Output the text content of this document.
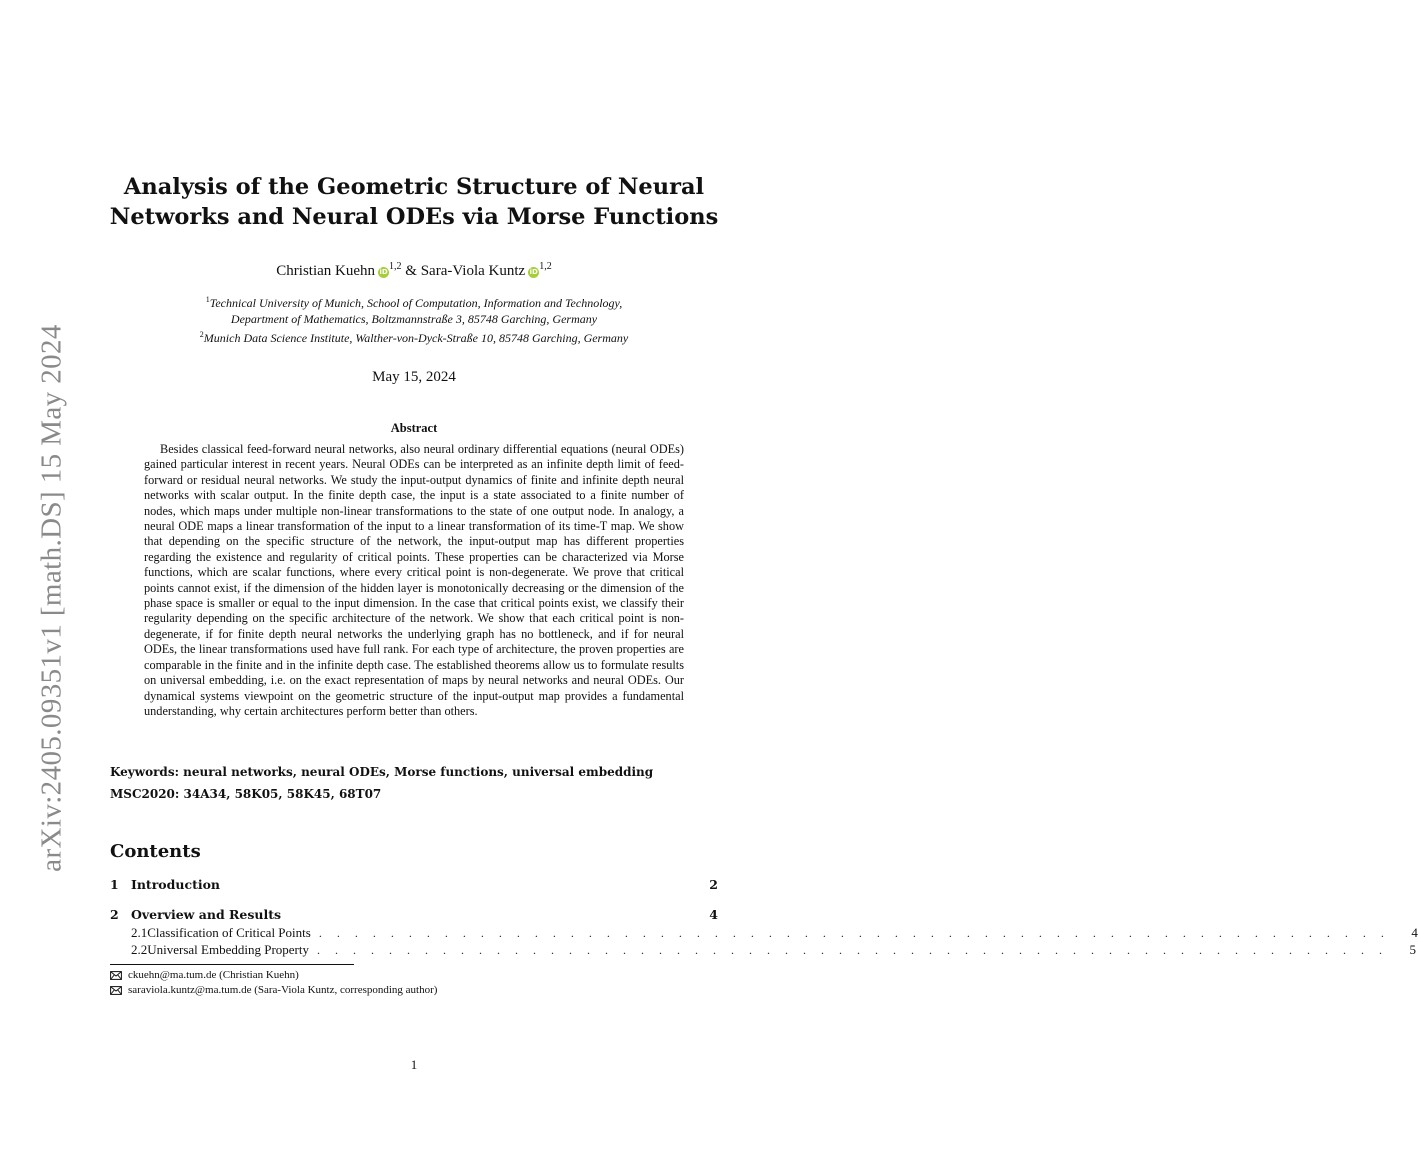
arXiv:2405.09351v1 [math.DS] 15 May 2024
Analysis of the Geometric Structure of Neural
Networks and Neural ODEs via Morse Functions
Christian Kuehn iD$^{1,2}$ & Sara-Viola Kuntz iD$^{1,2}$
$^1$Technical University of Munich, School of Computation, Information and Technology,
Department of Mathematics, Boltzmannstraße 3, 85748 Garching, Germany
$^2$Munich Data Science Institute, Walther-von-Dyck-Straße 10, 85748 Garching, Germany
May 15, 2024
Abstract

Besides classical feed-forward neural networks, also neural ordinary differential equations (neural ODEs) gained particular interest in recent years. Neural ODEs can be interpreted as an infinite depth limit of feed-forward or residual neural networks. We study the input-output dynamics of finite and infinite depth neural networks with scalar output. In the finite depth case, the input is a state associated to a finite number of nodes, which maps under multiple non-linear transformations to the state of one output node. In analogy, a neural ODE maps a linear transformation of the input to a linear transformation of its time-T map. We show that depending on the specific structure of the network, the input-output map has different properties regarding the existence and regularity of critical points. These properties can be characterized via Morse functions, which are scalar functions, where every critical point is non-degenerate. We prove that critical points cannot exist, if the dimension of the hidden layer is monotonically decreasing or the dimension of the phase space is smaller or equal to the input dimension. In the case that critical points exist, we classify their regularity depending on the specific architecture of the network. We show that each critical point is non-degenerate, if for finite depth neural networks the underlying graph has no bottleneck, and if for neural ODEs, the linear transformations used have full rank. For each type of architecture, the proven properties are comparable in the finite and in the infinite depth case. The established theorems allow us to formulate results on universal embedding, i.e. on the exact representation of maps by neural networks and neural ODEs. Our dynamical systems viewpoint on the geometric structure of the input-output map provides a fundamental understanding, why certain architectures perform better than others.

Keywords: neural networks, neural ODEs, Morse functions, universal embedding
MSC2020: 34A34, 58K05, 58K45, 68T07
Contents
1 Introduction	2
2 Overview and Results	4
2.1 Classification of Critical Points . . . . . . . . . . . . . . . . . . . . . . . . . . . . . . . . . . . . . . . . . . . . . . . . . . . . . . . . . . . .	4
2.2 Universal Embedding Property . . . . . . . . . . . . . . . . . . . . . . . . . . . . . . . . . . . . . . . . . . . . . . . . . . . . . . . . . . . .	5
ckuehn@ma.tum.de (Christian Kuehn)
saraviola.kuntz@ma.tum.de (Sara-Viola Kuntz, corresponding author)
1
